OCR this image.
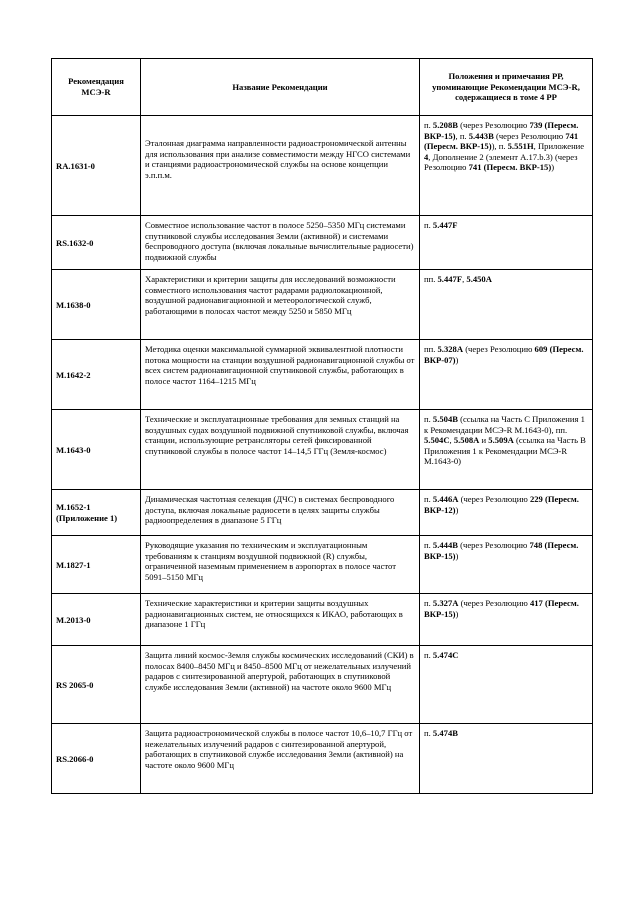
Рекомендация МСЭ-R	Название Рекомендации	Положения и примечания РР, упоминающие Рекомендации МСЭ-R, содержащиеся в томе 4 РР
RA.1631-0	Эталонная диаграмма направленности радиоастрономической антенны для использования при анализе совместимости между НГСО системами и станциями радиоастрономической службы на основе концепции э.п.п.м.	п. 5.208B (через Резолюцию 739 (Пересм. ВКР-15), п. 5.443B (через Резолюцию 741 (Пересм. ВКР-15)), п. 5.551H, Приложение 4, Дополнение 2 (элемент A.17.b.3) (через Резолюцию 741 (Пересм. ВКР-15))
RS.1632-0	Совместное использование частот в полосе 5250–5350 МГц системами спутниковой службы исследования Земли (активной) и системами беспроводного доступа (включая локальные вычислительные радиосети) подвижной службы	п. 5.447F
M.1638-0	Характеристики и критерии защиты для исследований возможности совместного использования частот радарами радиолокационной, воздушной радионавигационной и метеорологической служб, работающими в полосах частот между 5250 и 5850 МГц	пп. 5.447F, 5.450A
M.1642-2	Методика оценки максимальной суммарной эквивалентной плотности потока мощности на станции воздушной радионавигационной службы от всех систем радионавигационной спутниковой службы, работающих в полосе частот 1164–1215 МГц	пп. 5.328A (через Резолюцию 609 (Пересм. ВКР-07))
M.1643-0	Технические и эксплуатационные требования для земных станций на воздушных судах воздушной подвижной спутниковой службы, включая станции, использующие ретрансляторы сетей фиксированной спутниковой службы в полосе частот 14–14,5 ГГц (Земля-космос)	п. 5.504B (ссылка на Часть C Приложения 1 к Рекомендации МСЭ-R M.1643-0), пп. 5.504C, 5.508A и 5.509A (ссылка на Часть B Приложения 1 к Рекомендации МСЭ-R M.1643-0)
M.1652-1 (Приложение 1)	Динамическая частотная селекция (ДЧС) в системах беспроводного доступа, включая локальные радиосети в целях защиты службы радиоопределения в диапазоне 5 ГГц	п. 5.446A (через Резолюцию 229 (Пересм. ВКР-12))
M.1827-1	Руководящие указания по техническим и эксплуатационным требованиям к станциям воздушной подвижной (R) службы, ограниченной наземным применением в аэропортах в полосе частот 5091–5150 МГц	п. 5.444B (через Резолюцию 748 (Пересм. ВКР-15))
M.2013-0	Технические характеристики и критерии защиты воздушных радионавигационных систем, не относящихся к ИКАО, работающих в диапазоне 1 ГГц	п. 5.327A (через Резолюцию 417 (Пересм. ВКР-15))
RS 2065-0	Защита линий космос-Земля службы космических исследований (СКИ) в полосах 8400–8450 МГц и 8450–8500 МГц от нежелательных излучений радаров с синтезированной апертурой, работающих в спутниковой службе исследования Земли (активной) на частоте около 9600 МГц	п. 5.474C
RS.2066-0	Защита радиоастрономической службы в полосе частот 10,6–10,7 ГГц от нежелательных излучений радаров с синтезированной апертурой, работающих в спутниковой службе исследования Земли (активной) на частоте около 9600 МГц	п. 5.474B
